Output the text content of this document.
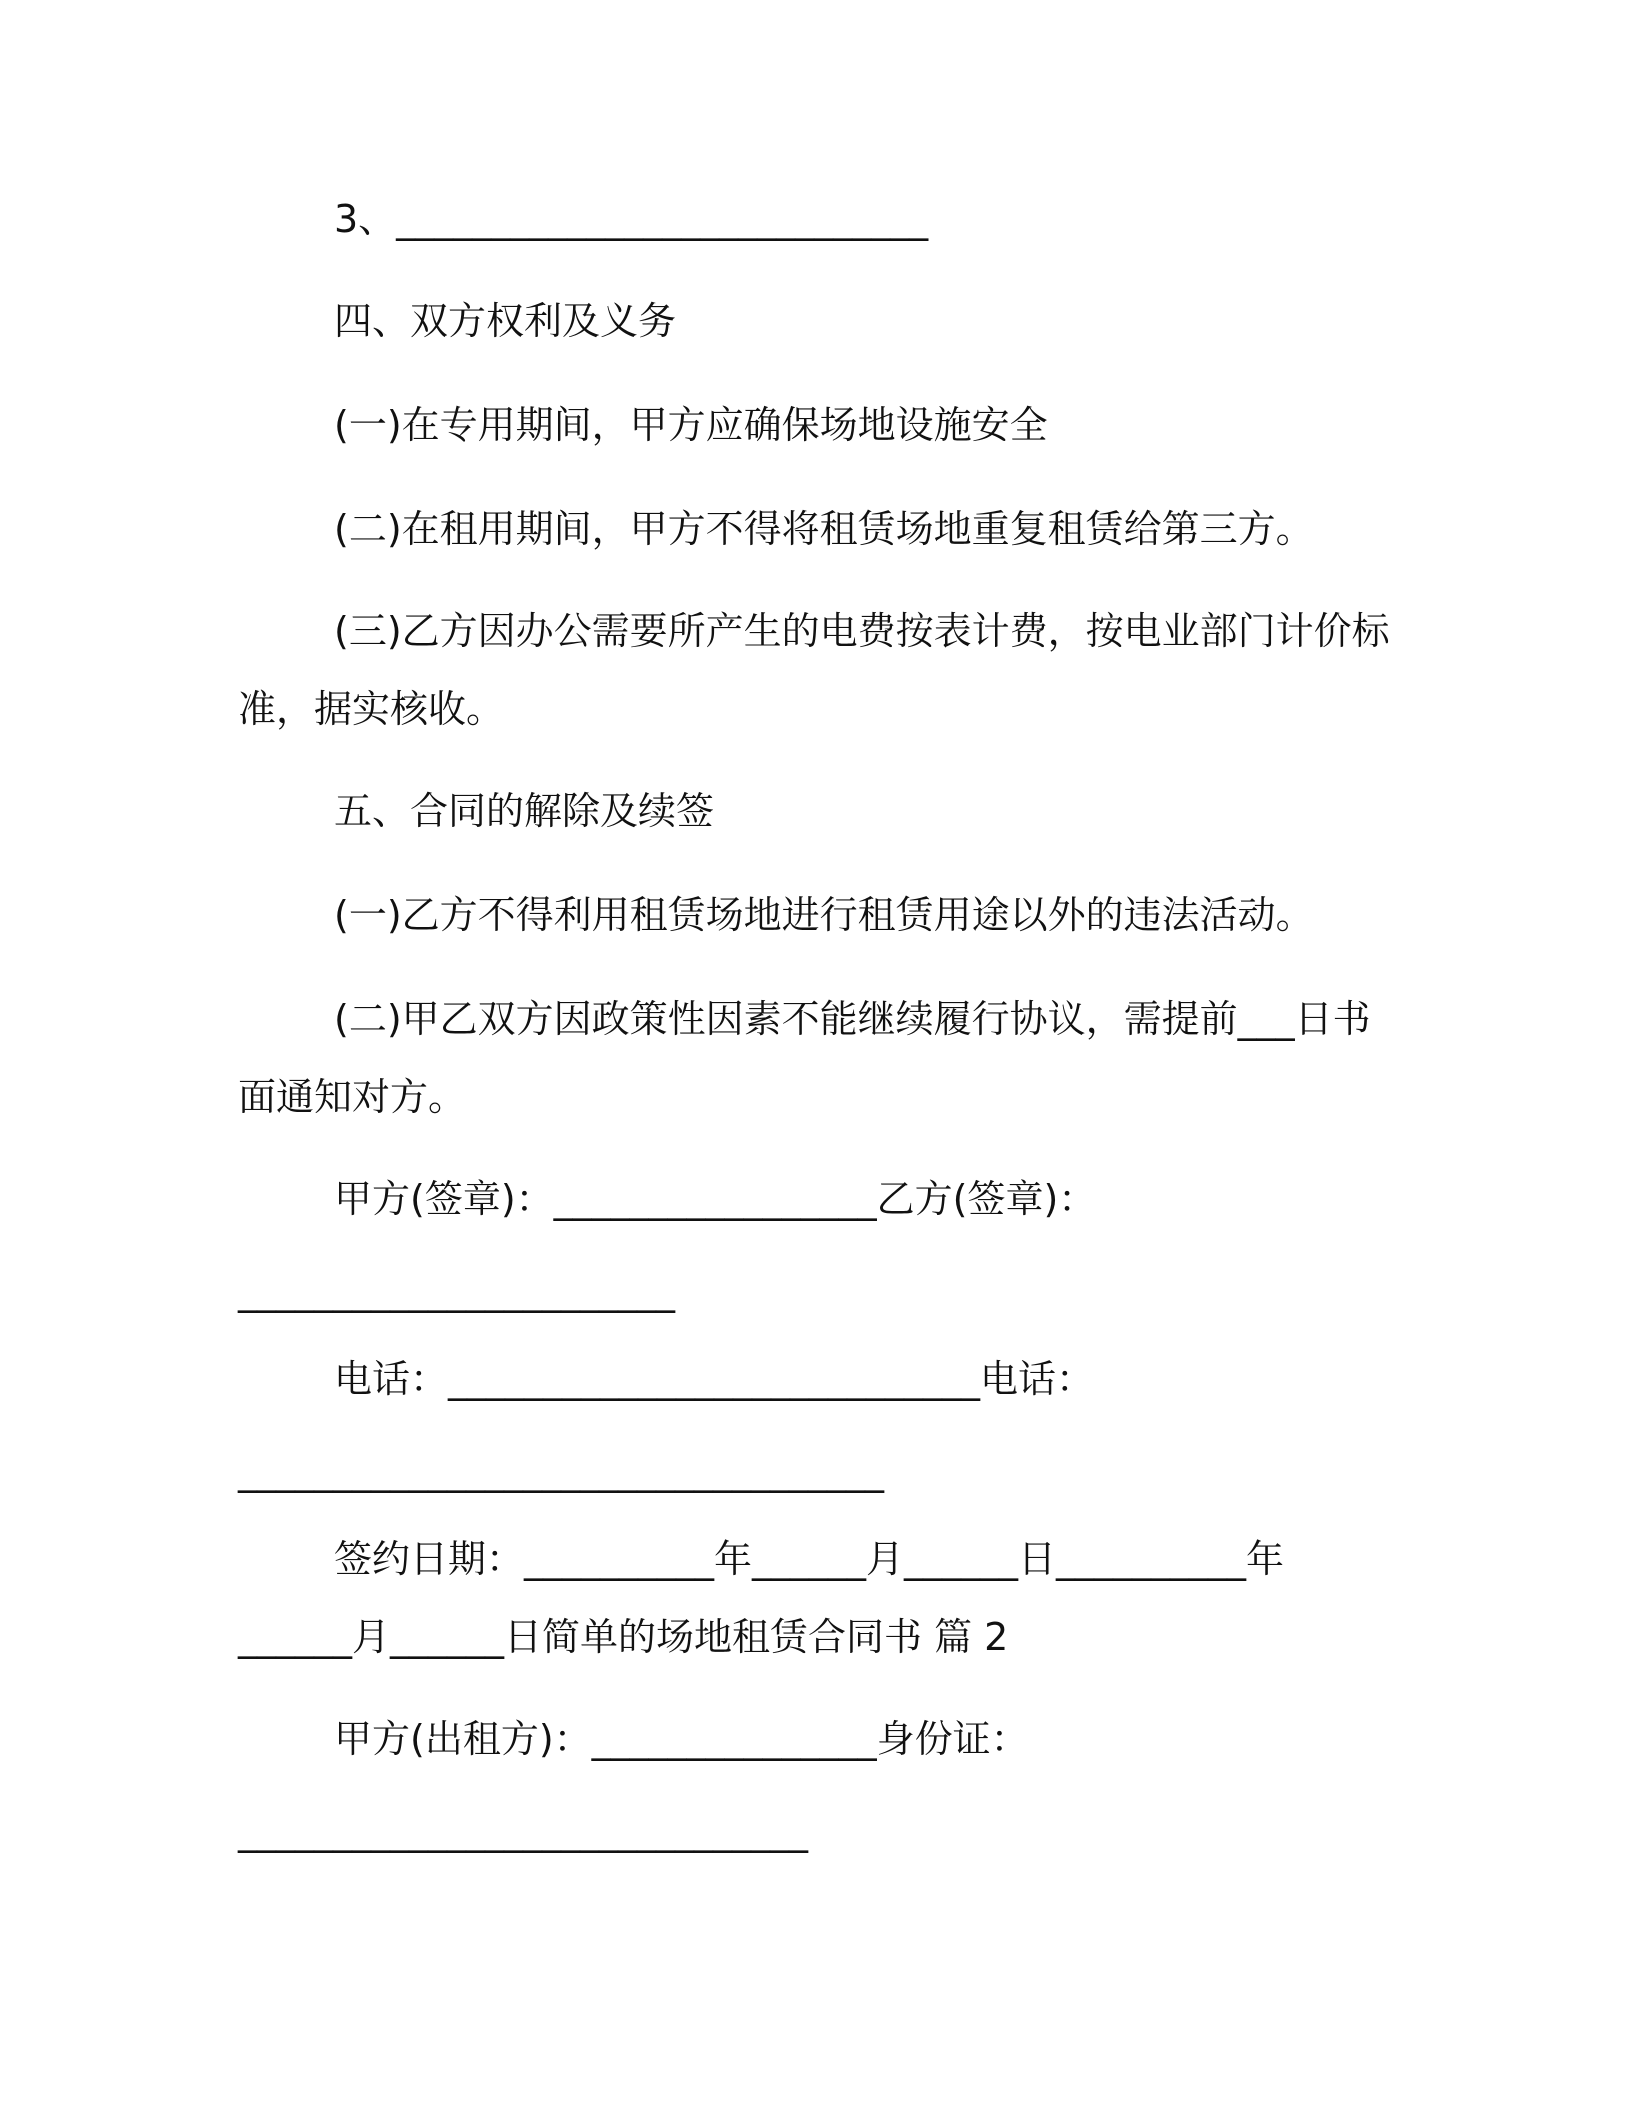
3、____________________________
四、双方权利及义务
(一)在专用期间，甲方应确保场地设施安全
(二)在租用期间，甲方不得将租赁场地重复租赁给第三方。
(三)乙方因办公需要所产生的电费按表计费，按电业部门计价标
准，据实核收。
五、合同的解除及续签
(一)乙方不得利用租赁场地进行租赁用途以外的违法活动。
(二)甲乙双方因政策性因素不能继续履行协议，需提前___日书
面通知对方。
甲方(签章)：_________________乙方(签章)：
_______________________
电话：____________________________电话：
__________________________________
签约日期：__________年______月______日__________年
______月______日简单的场地租赁合同书 篇 2
甲方(出租方)：_______________身份证：
______________________________
